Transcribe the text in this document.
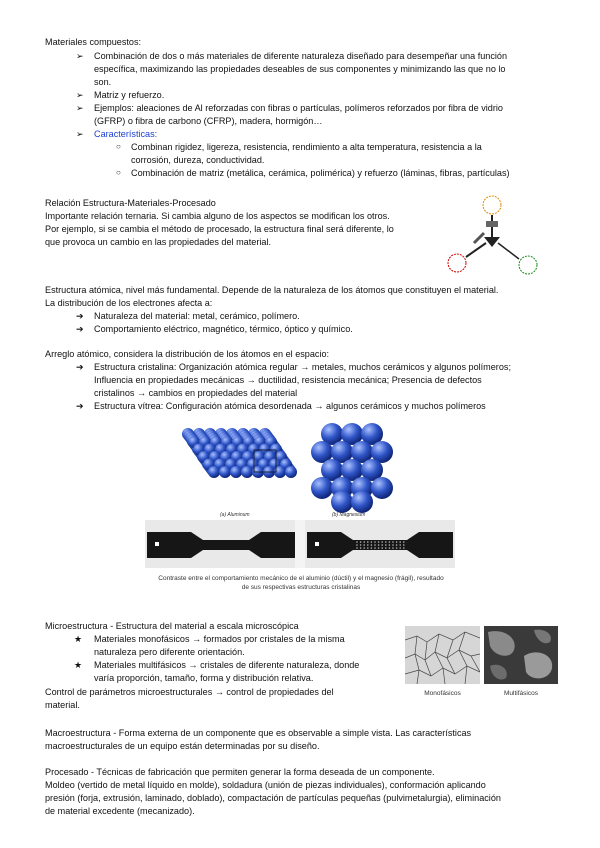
Materiales compuestos:
➢	Combinación de dos o más materiales de diferente naturaleza diseñado para desempeñar una función
específica, maximizando las propiedades deseables de sus componentes y minimizando las que no lo
son.
➢	Matriz y refuerzo.
➢	Ejemplos: aleaciones de Al reforzadas con fibras o partículas, polímeros reforzados por fibra de vidrio
(GFRP) o fibra de carbono (CFRP), madera, hormigón…
➢	Características:
○	Combinan rigidez, ligereza, resistencia, rendimiento a alta temperatura, resistencia a la
corrosión, dureza, conductividad.
○	Combinación de matriz (metálica, cerámica, polimérica) y refuerzo (láminas, fibras, partículas)
Relación Estructura-Materiales-Procesado
Importante relación ternaria. Si cambia alguno de los aspectos se modifican los otros.
Por ejemplo, si se cambia el método de procesado, la estructura final será diferente, lo
que provoca un cambio en las propiedades del material.
Estructura atómica, nivel más fundamental. Depende de la naturaleza de los átomos que constituyen el material.
La distribución de los electrones afecta a:
➔	Naturaleza del material: metal, cerámico, polímero.
➔	Comportamiento eléctrico, magnético, térmico, óptico y químico.
Arreglo atómico, considera la distribución de los átomos en el espacio:
➔	Estructura cristalina: Organización atómica regular → metales, muchos cerámicos y algunos polímeros;
Influencia en propiedades mecánicas → ductilidad, resistencia mecánica; Presencia de defectos
cristalinos → cambios en propiedades del material
➔	Estructura vítrea: Configuración atómica desordenada → algunos cerámicos y muchos polímeros
(a) Aluminum	(b) Magnesium
Contraste entre el comportamiento mecánico de el aluminio (dúctil) y el magnesio (frágil), resultado
de sus respectivas estructuras cristalinas
Microestructura - Estructura del material a escala microscópica
★	Materiales monofásicos → formados por cristales de la misma
naturaleza pero diferente orientación.
★	Materiales multifásicos → cristales de diferente naturaleza, donde
varía proporción, tamaño, forma y distribución relativa.
Control de parámetros microestructurales → control de propiedades del
material.
Monofásicos	Multifásicos
Macroestructura - Forma externa de un componente que es observable a simple vista. Las características
macroestructurales de un equipo están determinadas por su diseño.
Procesado - Técnicas de fabricación que permiten generar la forma deseada de un componente.
Moldeo (vertido de metal líquido en molde), soldadura (unión de piezas individuales), conformación aplicando
presión (forja, extrusión, laminado, doblado), compactación de partículas pequeñas (pulvimetalurgia), eliminación
de material excedente (mecanizado).
